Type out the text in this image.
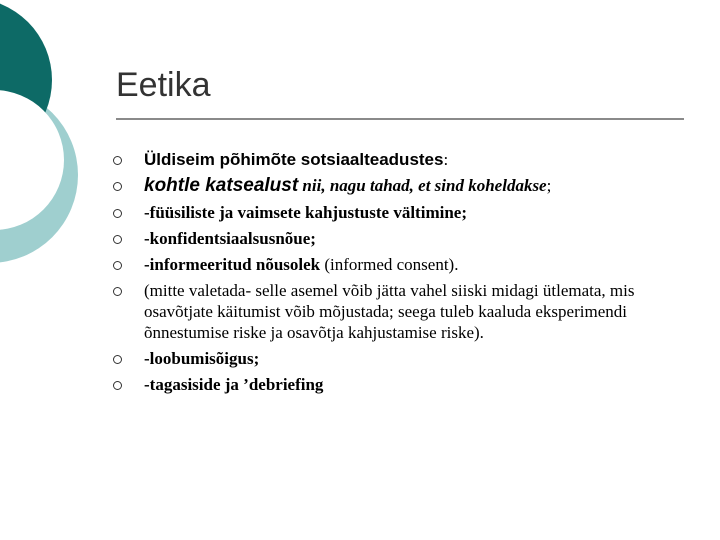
Eetika
Üldiseim põhimõte sotsiaalteadustes:
kohtle katsealust nii, nagu tahad, et sind koheldakse;
-füüsiliste ja vaimsete kahjustuste vältimine;
-konfidentsiaalsusnõue;
-informeeritud nõusolek (informed consent).
(mitte valetada- selle asemel võib jätta vahel siiski midagi ütlemata, mis osavõtjate käitumist võib mõjustada; seega tuleb kaaluda eksperimendi õnnestumise riske ja osavõtja kahjustamise riske).
-loobumisõigus;
-tagasiside ja ’debriefing
